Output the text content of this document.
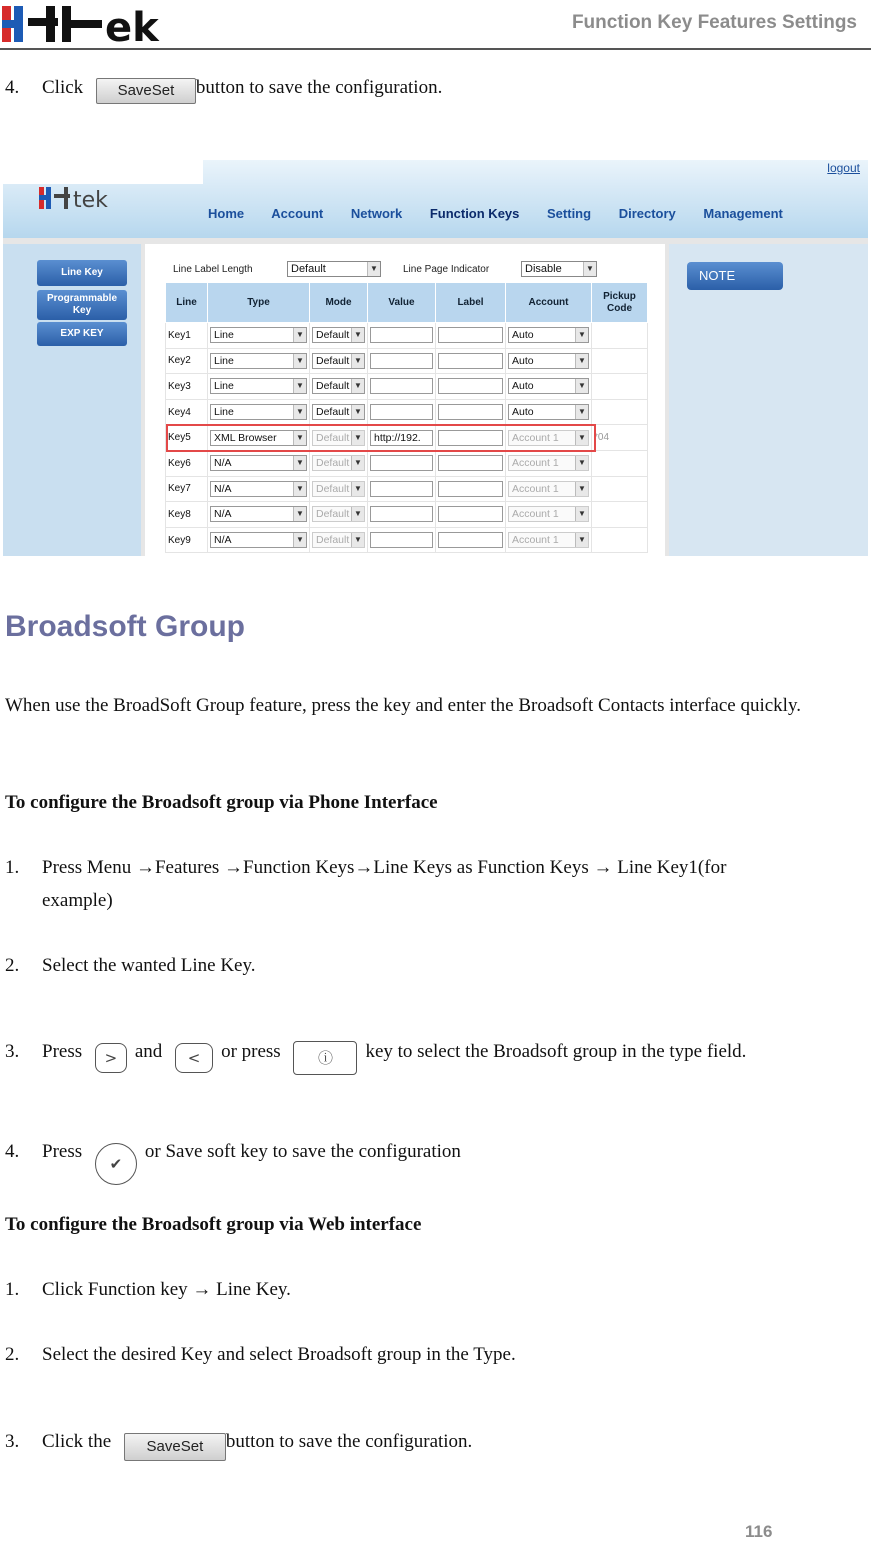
ek	Function Key Features Settings
4. Click SaveSet button to save the configuration.
tek
logout
Home Account Network Function Keys Setting Directory Management
Line Key
Programmable Key
EXP KEY
Line Label Length	Default	▼	Line Page Indicator	Disable	▼
Line	Type	Mode	Value	Label	Account	Pickup Code
Key1	Line ▼	Default ▼			Auto ▼	

Key2	Line ▼	Default ▼			Auto ▼	

Key3	Line ▼	Default ▼			Auto ▼	

Key4	Line ▼	Default ▼			Auto ▼	

Key5	XML Browser ▼	Default ▼	http://192.		Account 1 ▼	*04
Key6	N/A ▼	Default ▼			Account 1 ▼	

Key7	N/A ▼	Default ▼			Account 1 ▼	

Key8	N/A ▼	Default ▼			Account 1 ▼	

Key9	N/A ▼	Default ▼			Account 1 ▼	

NOTE
Broadsoft Group
When use the BroadSoft Group feature, press the key and enter the Broadsoft Contacts interface quickly.
To configure the Broadsoft group via Phone Interface
1. Press Menu →Features →Function Keys→Line Keys as Function Keys → Line Key1(for
example)
2. Select the wanted Line Key.
3. Press > and < or press ⓘ key to select the Broadsoft group in the type field.
4. Press ✔or Save soft key to save the configuration
To configure the Broadsoft group via Web interface
1. Click Function key → Line Key.
2. Select the desired Key and select Broadsoft group in the Type.
3. Click the SaveSet button to save the configuration.
116
